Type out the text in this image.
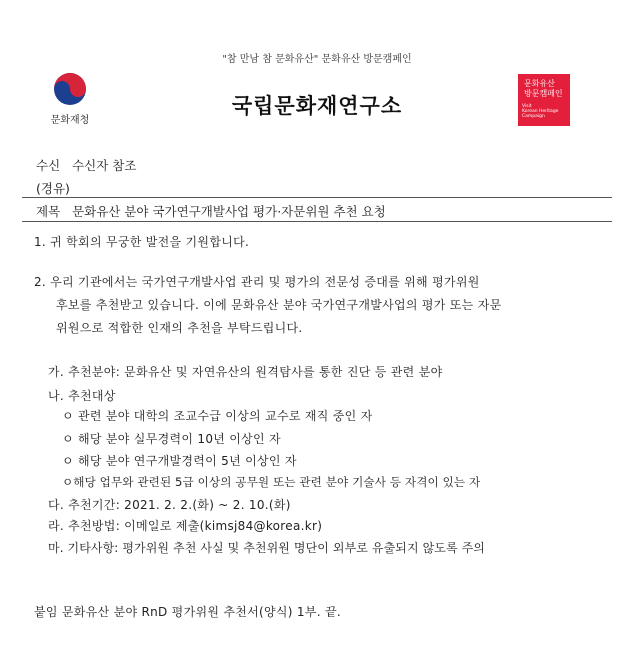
"참 만남 참 문화유산" 문화유산 방문캠페인
문화재청
국립문화재연구소
문화유산
방문캠페인
Visit
Korean Heritage
Campaign
수신 수신자 참조
(경유)
제목 문화유산 분야 국가연구개발사업 평가·자문위원 추천 요청
1. 귀 학회의 무궁한 발전을 기원합니다.
2. 우리 기관에서는 국가연구개발사업 관리 및 평가의 전문성 증대를 위해 평가위원
후보를 추천받고 있습니다. 이에 문화유산 분야 국가연구개발사업의 평가 또는 자문
위원으로 적합한 인재의 추천을 부탁드립니다.
가. 추천분야: 문화유산 및 자연유산의 원격탐사를 통한 진단 등 관련 분야
나. 추천대상
ㅇ 관련 분야 대학의 조교수급 이상의 교수로 재직 중인 자
ㅇ 해당 분야 실무경력이 10년 이상인 자
ㅇ 해당 분야 연구개발경력이 5년 이상인 자
ㅇ해당 업무와 관련된 5급 이상의 공무원 또는 관련 분야 기술사 등 자격이 있는 자
다. 추천기간: 2021. 2. 2.(화) ~ 2. 10.(화)
라. 추천방법: 이메일로 제출(kimsj84@korea.kr)
마. 기타사항: 평가위원 추천 사실 및 추천위원 명단이 외부로 유출되지 않도록 주의
붙임 문화유산 분야 RnD 평가위원 추천서(양식) 1부. 끝.
